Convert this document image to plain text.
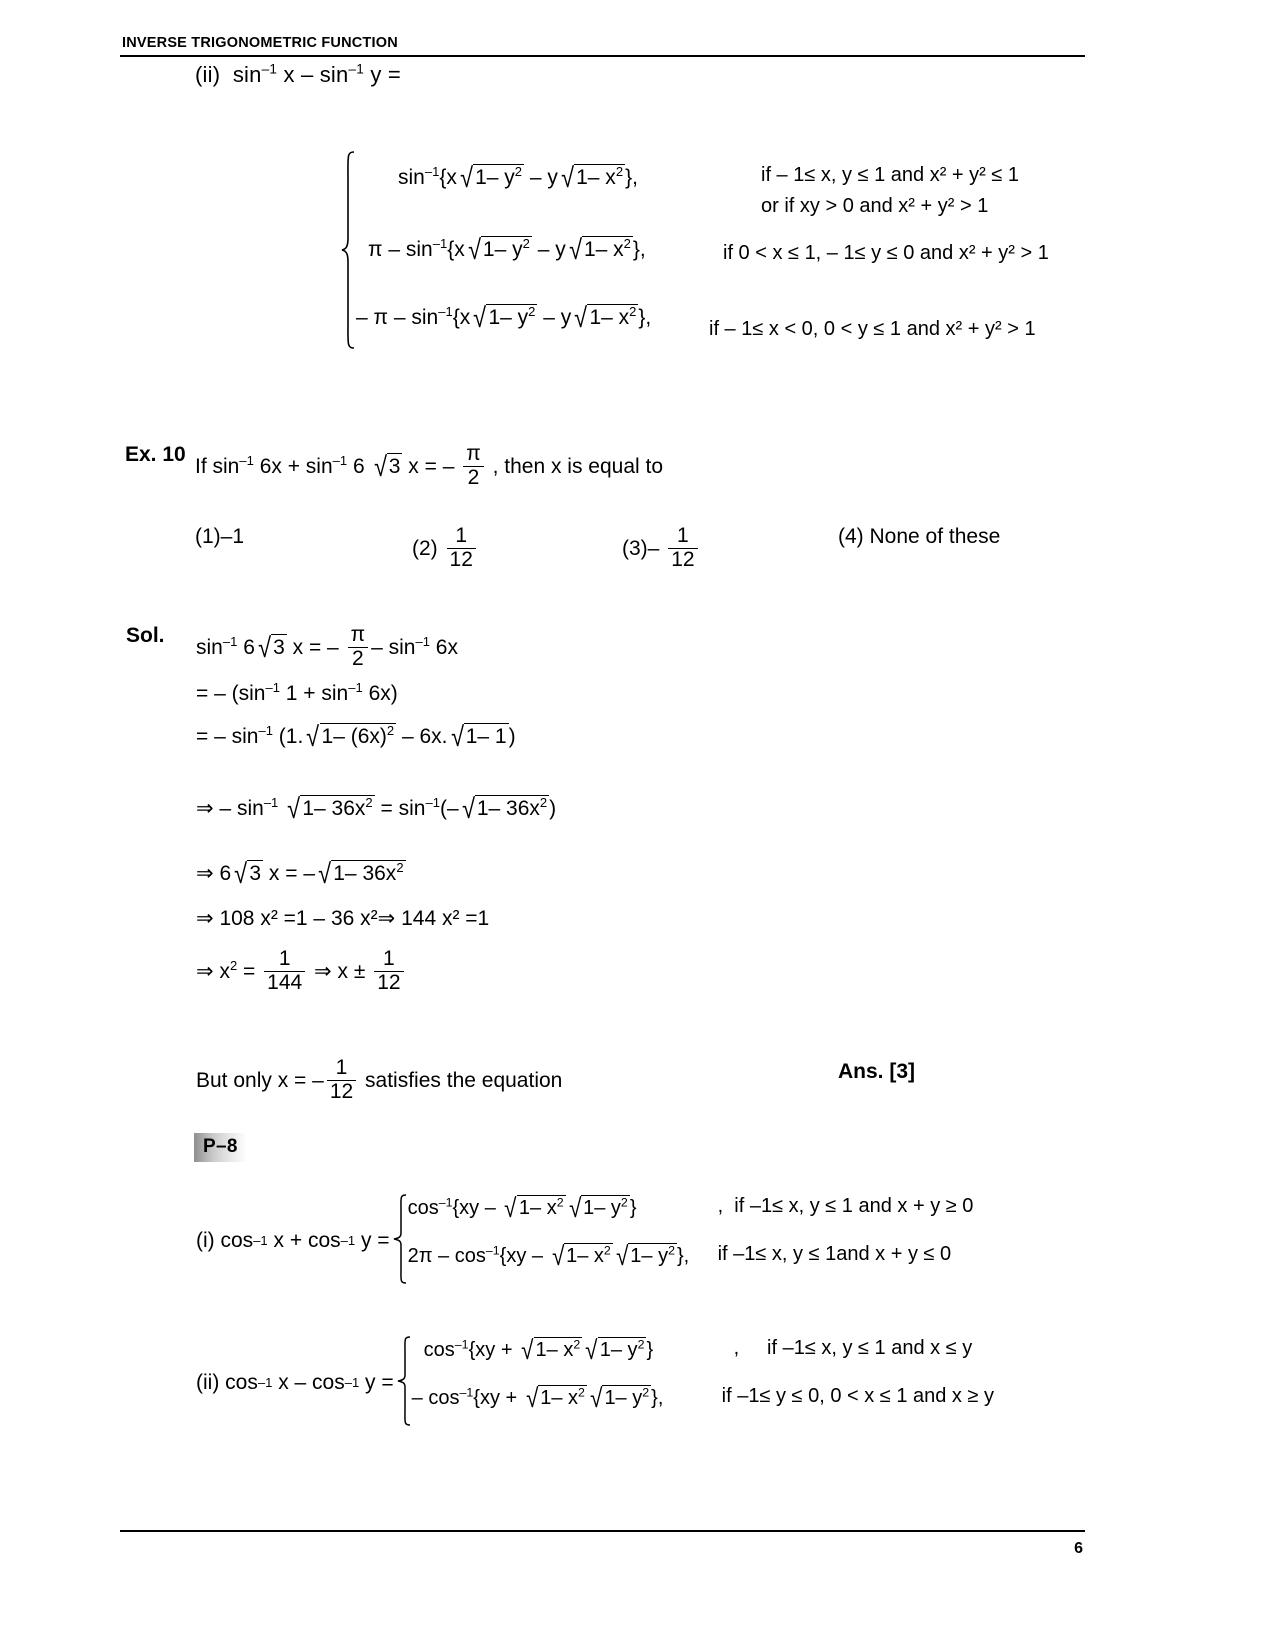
INVERSE TRIGONOMETRIC FUNCTION
(ii) $\sin^{-1} x - \sin^{-1} y$ =
$\sin^{-1}\{x$ √ 1– $y^2$ – y √ 1– $x^2$},	if – 1≤ x, y ≤ 1 and x² + y² ≤ 1
or if xy > 0 and x² + y² > 1
π – $\sin^{-1}\{x$ √ 1– $y^2$ – y √ 1– $x^2$},	if 0 < x ≤ 1, – 1≤ y ≤ 0 and x² + y² > 1
– π – $\sin^{-1}\{x$ √ 1– $y^2$ – y √ 1– $x^2$},	if – 1≤ x < 0, 0 < y ≤ 1 and x² + y² > 1
Ex. 10
If $\sin^{-1} 6x + \sin^{-1} 6$ √ 3 x = – $\frac{\pi}{2}$ , then x is equal to
(1)–1
$(2) \frac{1}{12}$	$(3)- \frac{1}{12}$	(4) None of these
Sol.
$\sin^{-1} 6$ √ 3 x = – $\frac{\pi}{2} - \sin^{-1} 6x$
= – ($\sin^{-1}$ $1 + \sin^{-1} 6x$)
= – $\sin^{-1} (1$. √ 1– $(6x)^2 - 6x$. √ 1– 1)
⇒ – $\sin^{-1}$ √ 1– $36x^2 = \sin^{-1}(-$ √ 1– $36x^2$)
⇒ 6 √ 3 x = – √ 1– $36x^2$
⇒ 108 x² =1 – 36 x²⇒ 144 x² =1
⇒ $x^2 = \frac{1}{144}$ ⇒ $x \pm \frac{1}{12}$
But only x = – $\frac{1}{12}$ satisfies the equation	Ans. [3]
P–8
(i)
cos –1
x + cos –1
y =
$\cos^{-1}\{xy$ – √ 1– $x^2$ √ 1– $y^2$ }	, if –1≤ x, y ≤ 1 and x + y ≥ 0
$2\pi - \cos^{-1}\{xy$ – √ 1– $x^2$ √ 1– $y^2$ },	if –1≤ x, y ≤ 1and x + y ≤ 0
(ii)
cos –1
x – cos –1
y =
$\cos^{-1}\{xy$ + √ 1– $x^2$ √ 1– $y^2$ }	, if –1≤ x, y ≤ 1 and x ≤ y
– $\cos^{-1}\{xy$ + √ 1– $x^2$ √ 1– $y^2$ },	if –1≤ y ≤ 0, 0 < x ≤ 1 and x ≥ y
6
